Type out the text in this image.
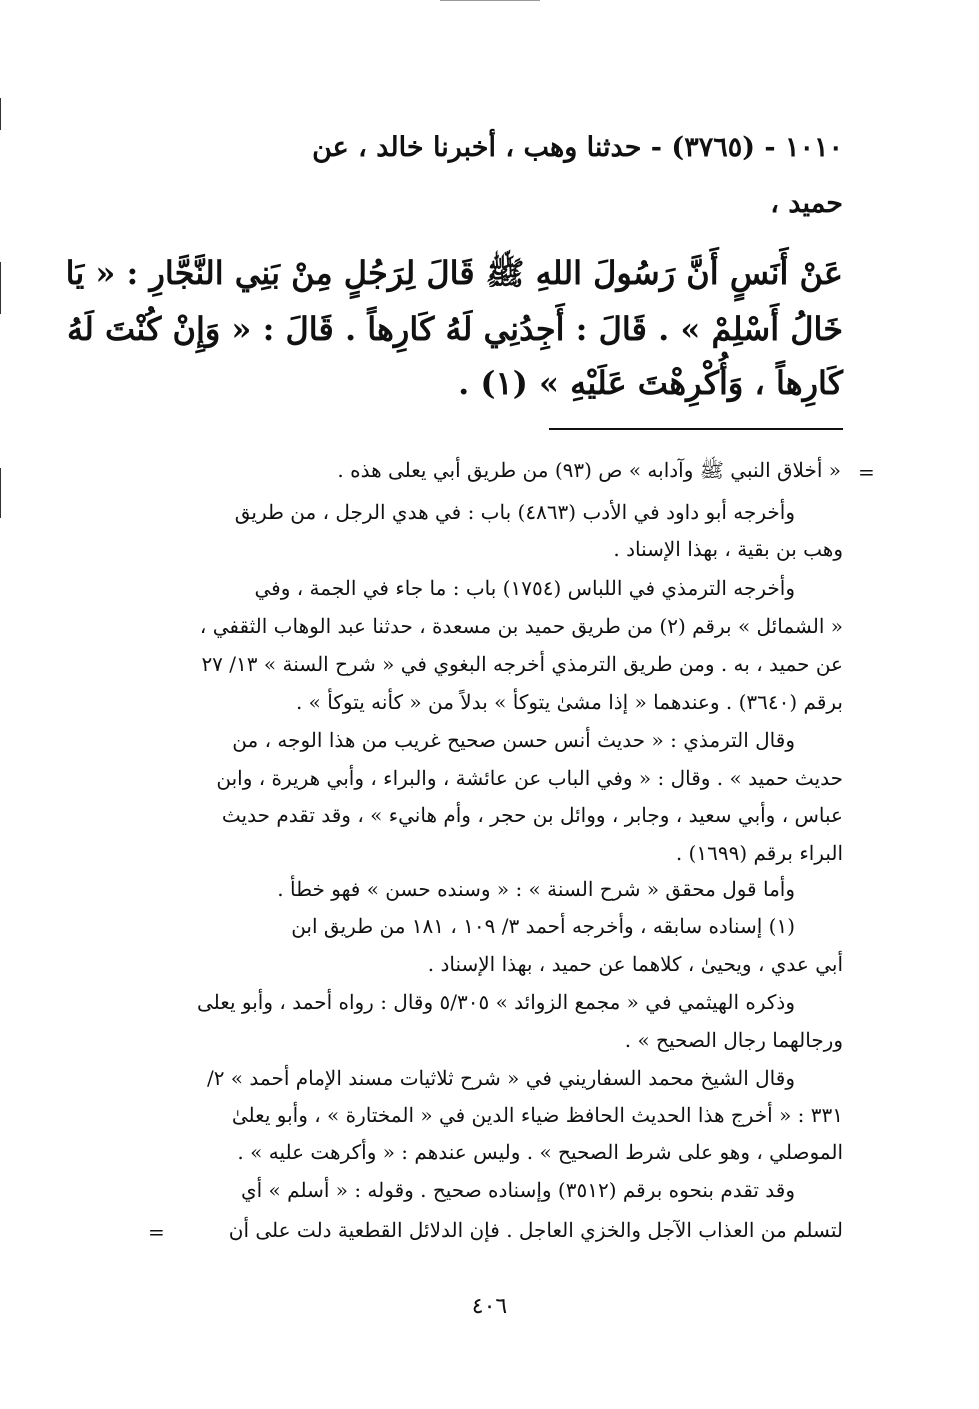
١٠١٠ - (٣٧٦٥) - حدثنا وهب ، أخبرنا خالد ، عن
حميد ،
عَنْ أَنَسٍ أَنَّ رَسُولَ اللهِ ﷺ قَالَ لِرَجُلٍ مِنْ بَنِي النَّجَّارِ : « يَا
خَالُ أَسْلِمْ » . قَالَ : أَجِدُنِي لَهُ كَارِهاً . قَالَ : « وَإِنْ كُنْتَ لَهُ
كَارِهاً ، وَأُكْرِهْتَ عَلَيْهِ » (١) .
=
« أخلاق النبي ﷺ وآدابه » ص (٩٣) من طريق أبي يعلى هذه .
وأخرجه أبو داود في الأدب (٤٨٦٣) باب : في هدي الرجل ، من طريق
وهب بن بقية ، بهذا الإسناد .
وأخرجه الترمذي في اللباس (١٧٥٤) باب : ما جاء في الجمة ، وفي
« الشمائل » برقم (٢) من طريق حميد بن مسعدة ، حدثنا عبد الوهاب الثقفي ،
عن حميد ، به . ومن طريق الترمذي أخرجه البغوي في « شرح السنة » ١٣/ ٢٧
برقم (٣٦٤٠) . وعندهما « إذا مشىٰ يتوكأ » بدلاً من « كأنه يتوكأ » .
وقال الترمذي : « حديث أنس حسن صحيح غريب من هذا الوجه ، من
حديث حميد » . وقال : « وفي الباب عن عائشة ، والبراء ، وأبي هريرة ، وابن
عباس ، وأبي سعيد ، وجابر ، ووائل بن حجر ، وأم هانيء » ، وقد تقدم حديث
البراء برقم (١٦٩٩) .
وأما قول محقق « شرح السنة » : « وسنده حسن » فهو خطأ .
(١) إسناده سابقه ، وأخرجه أحمد ٣/ ١٠٩ ، ١٨١ من طريق ابن
أبي عدي ، ويحيىٰ ، كلاهما عن حميد ، بهذا الإسناد .
وذكره الهيثمي في « مجمع الزوائد » ٥/٣٠٥ وقال : رواه أحمد ، وأبو يعلى
ورجالهما رجال الصحيح » .
وقال الشيخ محمد السفاريني في « شرح ثلاثيات مسند الإمام أحمد » ٢/
٣٣١ : « أخرج هذا الحديث الحافظ ضياء الدين في « المختارة » ، وأبو يعلىٰ
الموصلي ، وهو على شرط الصحيح » . وليس عندهم : « وأكرهت عليه » .
وقد تقدم بنحوه برقم (٣٥١٢) وإسناده صحيح . وقوله : « أسلم » أي
لتسلم من العذاب الآجل والخزي العاجل . فإن الدلائل القطعية دلت على أن
=
٤٠٦
